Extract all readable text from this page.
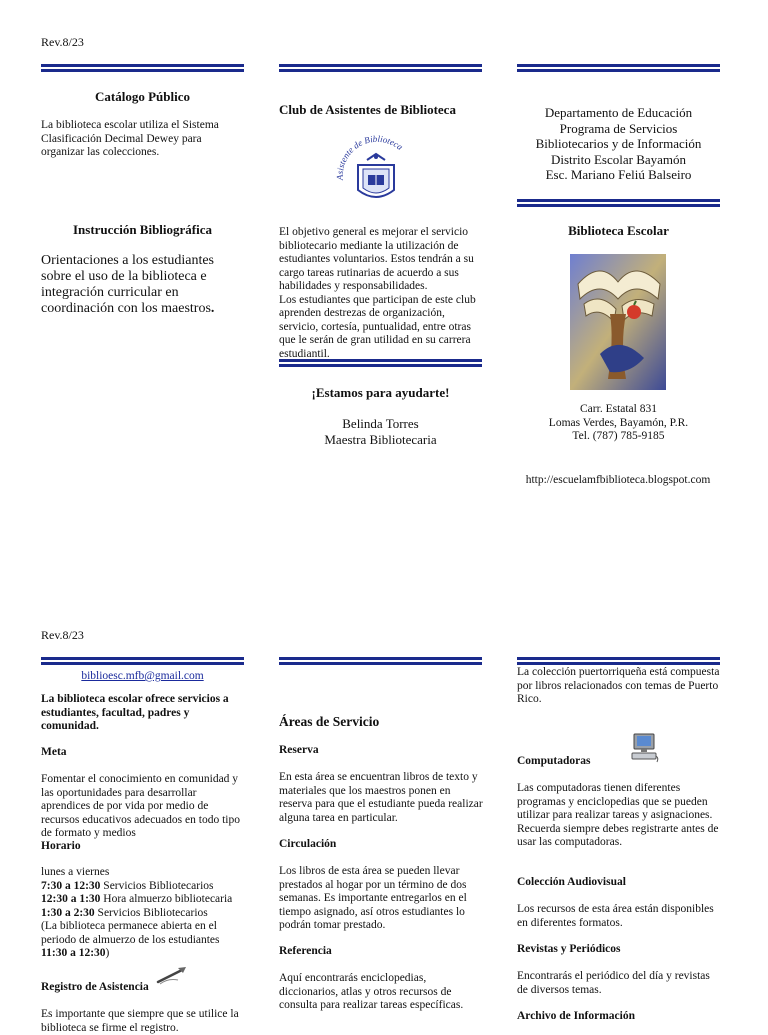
Rev.8/23
Catálogo Público
La biblioteca escolar utiliza el Sistema Clasificación Decimal Dewey para organizar las colecciones.
Instrucción Bibliográfica
Orientaciones a los estudiantes sobre el uso de la biblioteca e integración curricular en coordinación con los maestros.
Club de Asistentes de Biblioteca
Asistente de Biblioteca
El objetivo general es mejorar el servicio bibliotecario mediante la utilización de estudiantes voluntarios. Estos tendrán a su cargo tareas rutinarias de acuerdo a sus habilidades y responsabilidades.
Los estudiantes que participan de este club aprenden destrezas de organización, servicio, cortesía, puntualidad, entre otras que le serán de gran utilidad en su carrera estudiantil.
¡Estamos para ayudarte!
Belinda Torres
Maestra Bibliotecaria
Departamento de Educación
Programa de Servicios
Bibliotecarios y de Información
Distrito Escolar Bayamón
Esc. Mariano Feliú Balseiro
Biblioteca Escolar
Carr. Estatal 831
Lomas Verdes, Bayamón, P.R.
Tel. (787) 785-9185
http://escuelamfbiblioteca.blogspot.com
Rev.8/23
biblioesc.mfb@gmail.com
La biblioteca escolar ofrece servicios a estudiantes, facultad, padres y comunidad.
Meta
Fomentar el conocimiento en comunidad y las oportunidades para desarrollar aprendices de por vida por medio de recursos educativos adecuados en todo tipo de formato y medios
Horario
lunes a viernes
7:30 a 12:30 Servicios Bibliotecarios
12:30 a 1:30 Hora almuerzo bibliotecaria
1:30 a 2:30 Servicios Bibliotecarios
(La biblioteca permanece abierta en el periodo de almuerzo de los estudiantes
11:30 a 12:30)
Registro de Asistencia
Es importante que siempre que se utilice la biblioteca se firme el registro.
Áreas de Servicio
Reserva
En esta área se encuentran libros de texto y materiales que los maestros ponen en reserva para que el estudiante pueda realizar alguna tarea en particular.
Circulación
Los libros de esta área se pueden llevar prestados al hogar por un término de dos semanas. Es importante entregarlos en el tiempo asignado, así otros estudiantes lo podrán tomar prestado.
Referencia
Aquí encontrarás enciclopedias, diccionarios, atlas y otros recursos de consulta para realizar tareas específicas.
La colección puertorriqueña está compuesta por libros relacionados con temas de Puerto Rico.
Computadoras
Las computadoras tienen diferentes programas y enciclopedias que se pueden utilizar para realizar tareas y asignaciones. Recuerda siempre debes registrarte antes de usar las computadoras.
Colección Audiovisual
Los recursos de esta área están disponibles en diferentes formatos.
Revistas y Periódicos
Encontrarás el periódico del día y revistas de diversos temas.
Archivo de Información
